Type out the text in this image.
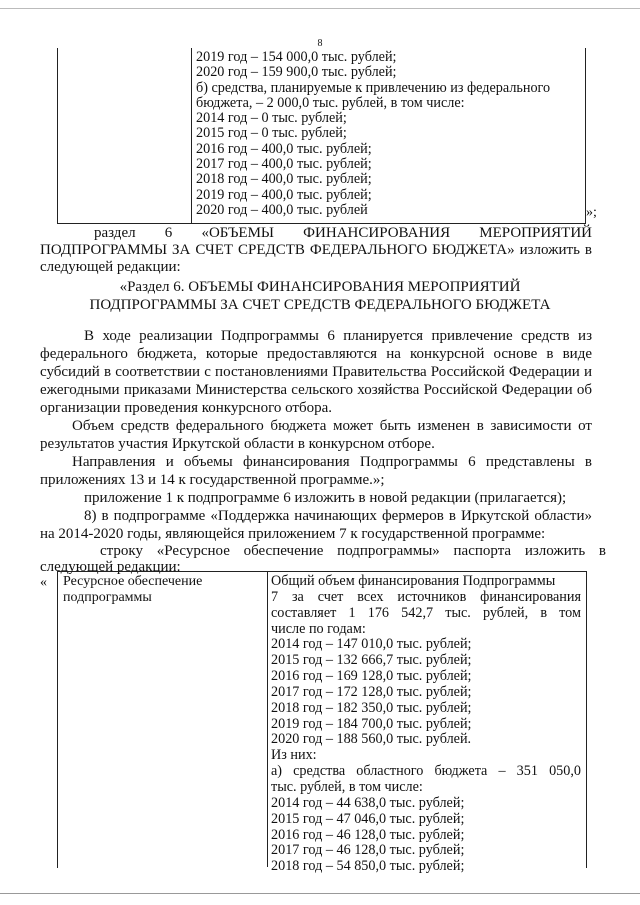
8
2019 год – 154 000,0 тыс. рублей;
2020 год – 159 900,0 тыс. рублей;
б) средства, планируемые к привлечению из федерального
бюджета, – 2 000,0 тыс. рублей, в том числе:
2014 год – 0 тыс. рублей;
2015 год – 0 тыс. рублей;
2016 год – 400,0 тыс. рублей;
2017 год – 400,0 тыс. рублей;
2018 год – 400,0 тыс. рублей;
2019 год – 400,0 тыс. рублей;
2020 год – 400,0 тыс. рублей	»;
раздел 6 «ОБЪЕМЫ ФИНАНСИРОВАНИЯ МЕРОПРИЯТИЙ
ПОДПРОГРАММЫ ЗА СЧЕТ СРЕДСТВ ФЕДЕРАЛЬНОГО БЮДЖЕТА» изложить в
следующей редакции:
«Раздел 6. ОБЪЕМЫ ФИНАНСИРОВАНИЯ МЕРОПРИЯТИЙ
ПОДПРОГРАММЫ ЗА СЧЕТ СРЕДСТВ ФЕДЕРАЛЬНОГО БЮДЖЕТА
В ходе реализации Подпрограммы 6 планируется привлечение средств из
федерального бюджета, которые предоставляются на конкурсной основе в виде
субсидий в соответствии с постановлениями Правительства Российской Федерации и
ежегодными приказами Министерства сельского хозяйства Российской Федерации об
организации проведения конкурсного отбора.
Объем средств федерального бюджета может быть изменен в зависимости от
результатов участия Иркутской области в конкурсном отборе.
Направления и объемы финансирования Подпрограммы 6 представлены в
приложениях 13 и 14 к государственной программе.»;
приложение 1 к подпрограмме 6 изложить в новой редакции (прилагается);
8) в подпрограмме «Поддержка начинающих фермеров в Иркутской области»
на 2014-2020 годы, являющейся приложением 7 к государственной программе:
строку «Ресурсное обеспечение подпрограммы» паспорта изложить в
следующей редакции:
« Ресурсное обеспечение
подпрограммы
Общий объем финансирования Подпрограммы
7 за счет всех источников финансирования
составляет 1 176 542,7 тыс. рублей, в том
числе по годам:
2014 год – 147 010,0 тыс. рублей;
2015 год – 132 666,7 тыс. рублей;
2016 год – 169 128,0 тыс. рублей;
2017 год – 172 128,0 тыс. рублей;
2018 год – 182 350,0 тыс. рублей;
2019 год – 184 700,0 тыс. рублей;
2020 год – 188 560,0 тыс. рублей.
Из них:
а) средства областного бюджета – 351 050,0
тыс. рублей, в том числе:
2014 год – 44 638,0 тыс. рублей;
2015 год – 47 046,0 тыс. рублей;
2016 год – 46 128,0 тыс. рублей;
2017 год – 46 128,0 тыс. рублей;
2018 год – 54 850,0 тыс. рублей;
